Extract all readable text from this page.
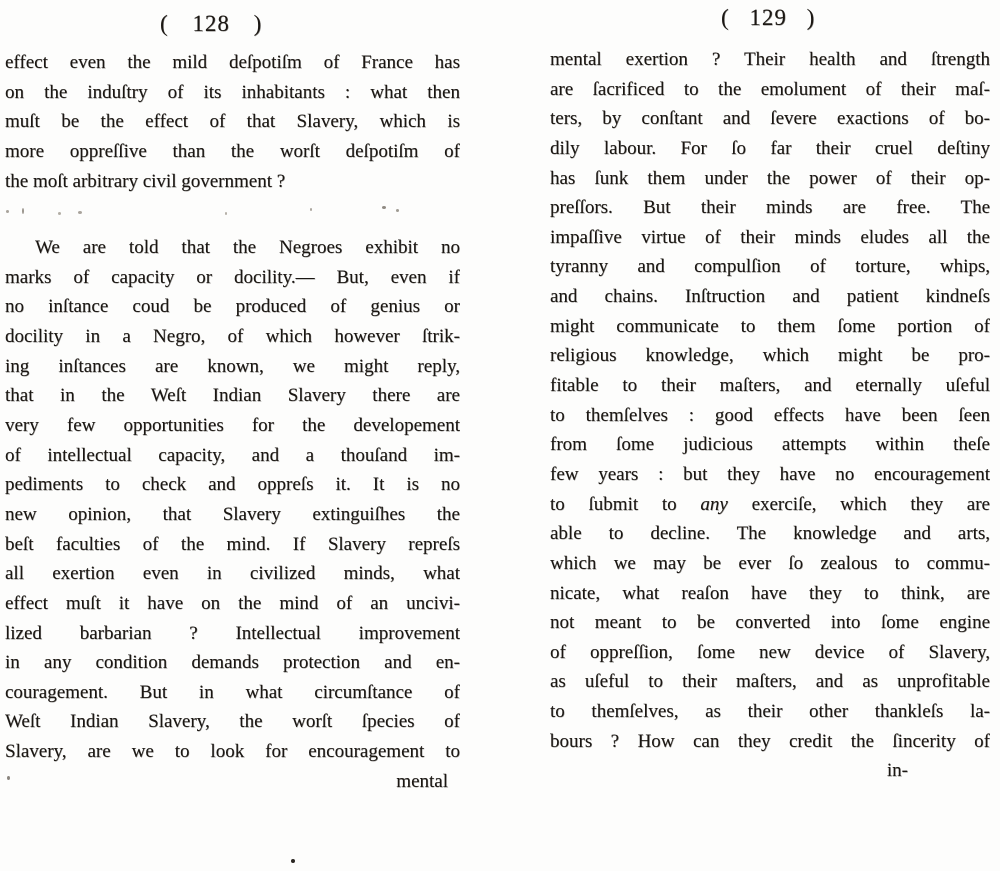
( 128 )
effect even the mild deſpotiſm of France has
on the induſtry of its inhabitants : what then
muſt be the effect of that Slavery, which is
more oppreſſive than the worſt deſpotiſm of
the moſt arbitrary civil government ?
We are told that the Negroes exhibit no
marks of capacity or docility.— But, even if
no inſtance coud be produced of genius or
docility in a Negro, of which however ſtrik-
ing inſtances are known, we might reply,
that in the Weſt Indian Slavery there are
very few opportunities for the developement
of intellectual capacity, and a thouſand im-
pediments to check and oppreſs it. It is no
new opinion, that Slavery extinguiſhes the
beſt faculties of the mind. If Slavery repreſs
all exertion even in civilized minds, what
effect muſt it have on the mind of an uncivi-
lized barbarian ? Intellectual improvement
in any condition demands protection and en-
couragement. But in what circumſtance of
Weſt Indian Slavery, the worſt ſpecies of
Slavery, are we to look for encouragement to
mental
( 129 )
mental exertion ? Their health and ſtrength
are ſacrificed to the emolument of their maſ-
ters, by conſtant and ſevere exactions of bo-
dily labour. For ſo far their cruel deſtiny
has ſunk them under the power of their op-
preſſors. But their minds are free. The
impaſſive virtue of their minds eludes all the
tyranny and compulſion of torture, whips,
and chains. Inſtruction and patient kindneſs
might communicate to them ſome portion of
religious knowledge, which might be pro-
fitable to their maſters, and eternally uſeful
to themſelves : good effects have been ſeen
from ſome judicious attempts within theſe
few years : but they have no encouragement
to ſubmit to any exerciſe, which they are
able to decline. The knowledge and arts,
which we may be ever ſo zealous to commu-
nicate, what reaſon have they to think, are
not meant to be converted into ſome engine
of oppreſſion, ſome new device of Slavery,
as uſeful to their maſters, and as unprofitable
to themſelves, as their other thankleſs la-
bours ? How can they credit the ſincerity of
in-
